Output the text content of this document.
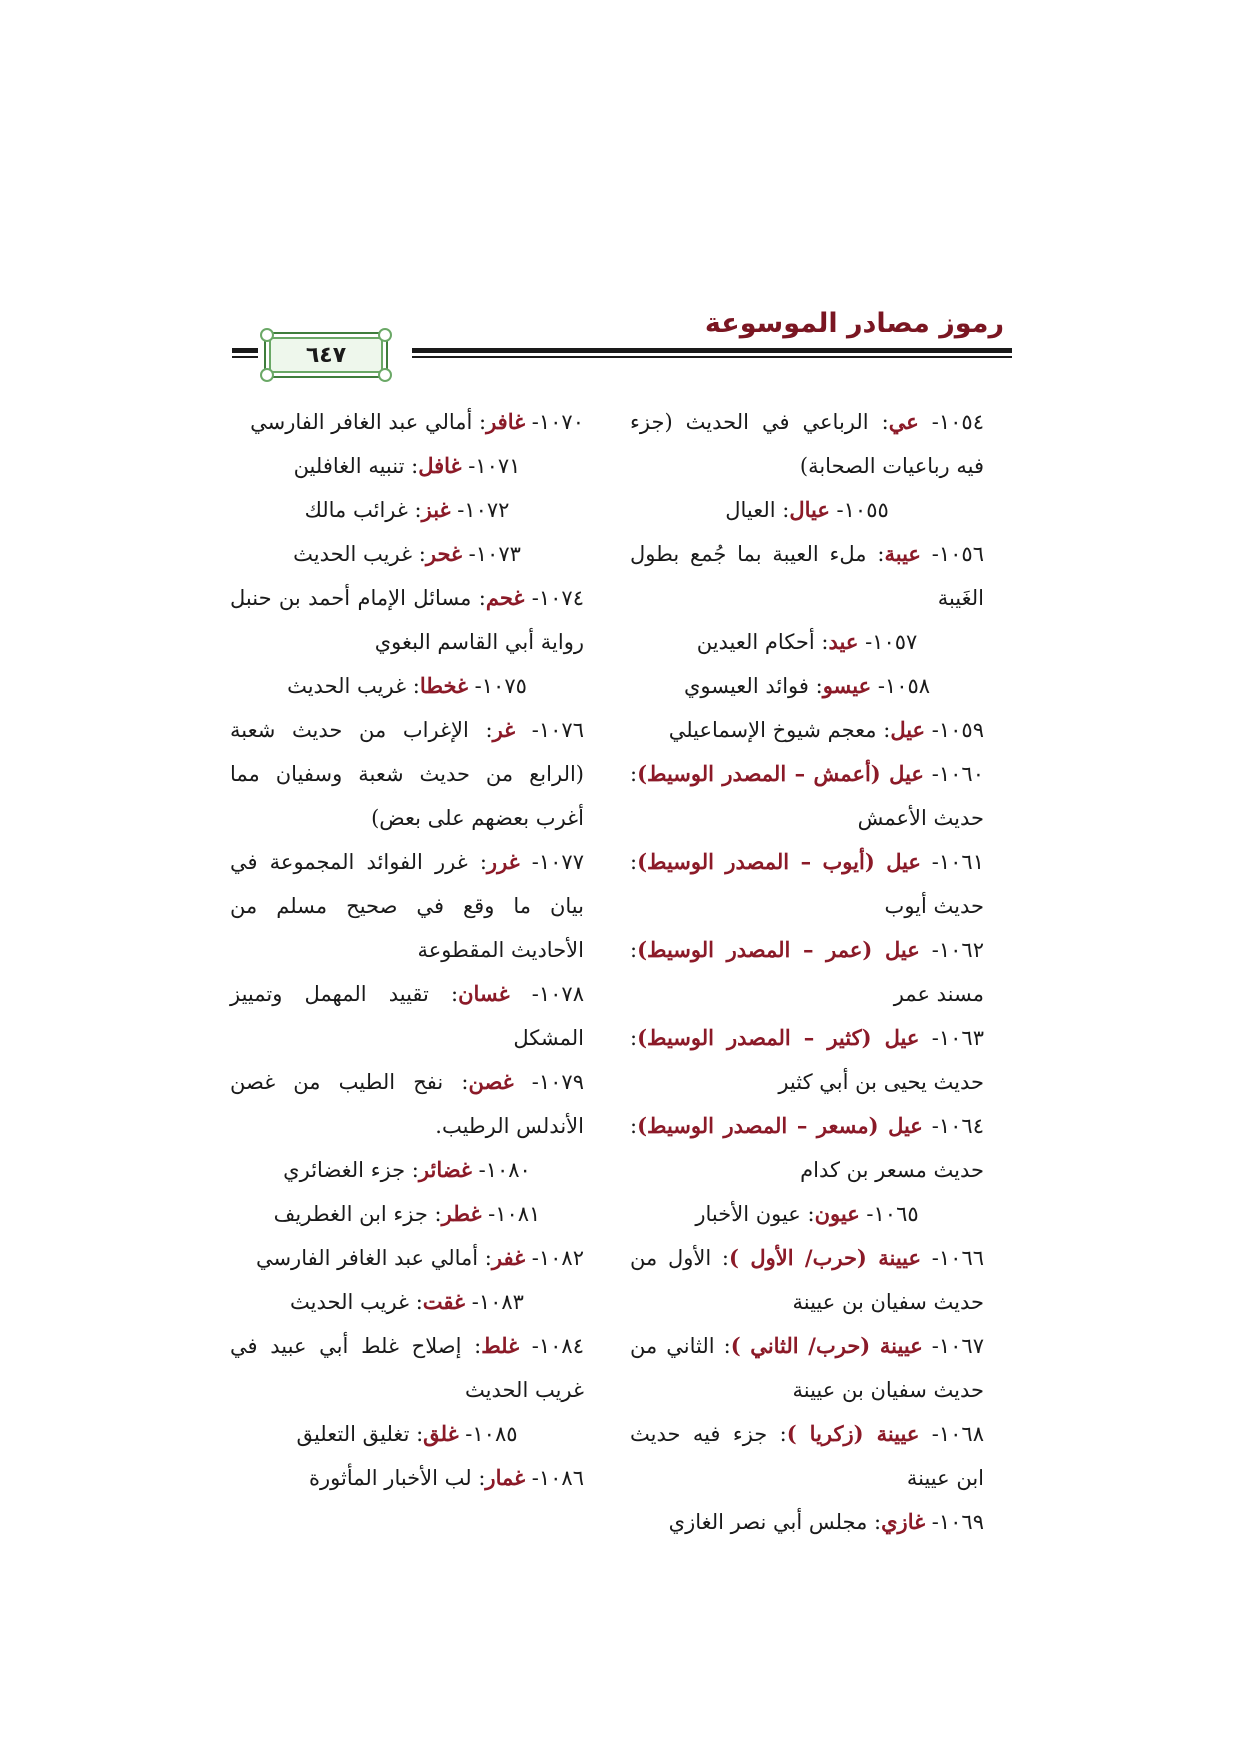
رموز مصادر الموسوعة
٦٤٧

١٠٥٤- عي: الرباعي في الحديث (جزء فيه رباعيات الصحابة)

١٠٥٥- عيال: العيال

١٠٥٦- عيبة: ملء العيبة بما جُمع بطول الغَيبة

١٠٥٧- عيد: أحكام العيدين

١٠٥٨- عيسو: فوائد العيسوي

١٠٥٩- عيل: معجم شيوخ الإسماعيلي

١٠٦٠- عيل (أعمش – المصدر الوسيط): حديث الأعمش

١٠٦١- عيل (أيوب – المصدر الوسيط): حديث أيوب

١٠٦٢- عيل (عمر – المصدر الوسيط): مسند عمر

١٠٦٣- عيل (كثير – المصدر الوسيط): حديث يحيى بن أبي كثير

١٠٦٤- عيل (مسعر – المصدر الوسيط): حديث مسعر بن كدام

١٠٦٥- عيون: عيون الأخبار

١٠٦٦- عيينة (حرب/ الأول ): الأول من حديث سفيان بن عيينة

١٠٦٧- عيينة (حرب/ الثاني ): الثاني من حديث سفيان بن عيينة

١٠٦٨- عيينة (زكريا ): جزء فيه حديث ابن عيينة

١٠٦٩- غازي: مجلس أبي نصر الغازي

١٠٧٠- غافر: أمالي عبد الغافر الفارسي

١٠٧١- غافل: تنبيه الغافلين

١٠٧٢- غبز: غرائب مالك

١٠٧٣- غحر: غريب الحديث

١٠٧٤- غحم: مسائل الإمام أحمد بن حنبل رواية أبي القاسم البغوي

١٠٧٥- غخطا: غريب الحديث

١٠٧٦- غر: الإغراب من حديث شعبة (الرابع من حديث شعبة وسفيان مما أغرب بعضهم على بعض)

١٠٧٧- غرر: غرر الفوائد المجموعة في بيان ما وقع في صحيح مسلم من الأحاديث المقطوعة

١٠٧٨- غسان: تقييد المهمل وتمييز المشكل

١٠٧٩- غصن: نفح الطيب من غصن الأندلس الرطيب.

١٠٨٠- غضائر: جزء الغضائري

١٠٨١- غطر: جزء ابن الغطريف

١٠٨٢- غفر: أمالي عبد الغافر الفارسي

١٠٨٣- غقت: غريب الحديث

١٠٨٤- غلط: إصلاح غلط أبي عبيد في غريب الحديث

١٠٨٥- غلق: تغليق التعليق

١٠٨٦- غمار: لب الأخبار المأثورة
